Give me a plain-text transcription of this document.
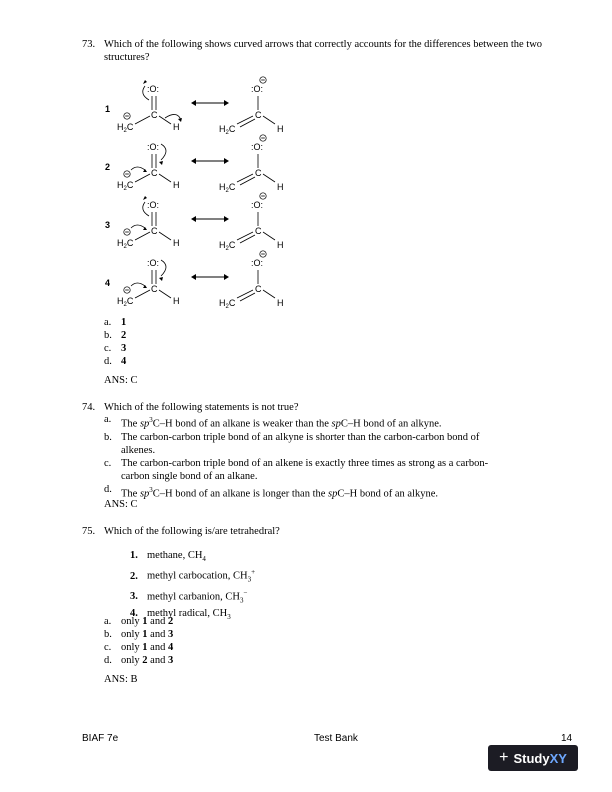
73. Which of the following shows curved arrows that correctly accounts for the differences between the two structures?
1
:O:
C
$H_2C$	H
:O:
C
$H_2C$	H
2
:O:
C
$H_2C$	H
:O:
C
$H_2C$	H
3
:O:
C
$H_2C$	H
:O:
C
$H_2C$	H
4
:O:
C
$H_2C$	H
:O:
C
$H_2C$	H
a. 1
b. 2
c. 3
d. 4
ANS: C
74. Which of the following statements is not true?
a. The $sp^3C-H$ bond of an alkane is weaker than the spC–H bond of an alkyne.
b. The carbon-carbon triple bond of an alkyne is shorter than the carbon-carbon bond of alkenes.
c. The carbon-carbon triple bond of an alkene is exactly three times as strong as a carbon-carbon single bond of an alkane.
d. The $sp^3C-H$ bond of an alkane is longer than the spC–H bond of an alkyne.
ANS: C
75. Which of the following is/are tetrahedral?
1. methane, $CH_4$
2. methyl carbocation, $CH_3^+$
3. methyl carbanion, $CH_3^-$
4. methyl radical, $CH_3$
a. only 1 and 2
b. only 1 and 3
c. only 1 and 4
d. only 2 and 3
ANS: B
BIAF 7e	Test Bank	14
+ StudyXY
